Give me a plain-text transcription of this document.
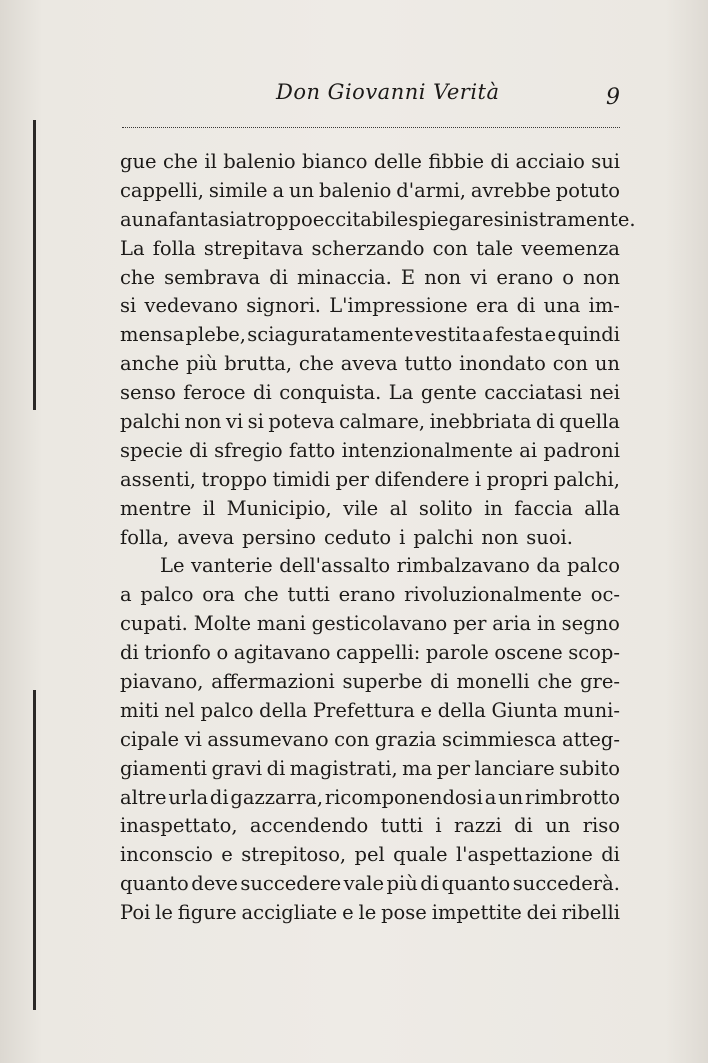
Don Giovanni Verità	9
gue che il balenio bianco delle fibbie di acciaio sui
cappelli, simile a un balenio d'armi, avrebbe potuto
a una fantasia troppo eccitabile spiegare sinistramente.
La folla strepitava scherzando con tale veemenza
che sembrava di minaccia. E non vi erano o non
si vedevano signori. L'impressione era di una im-
mensa plebe, sciaguratamente vestita a festa e quindi
anche più brutta, che aveva tutto inondato con un
senso feroce di conquista. La gente cacciatasi nei
palchi non vi si poteva calmare, inebbriata di quella
specie di sfregio fatto intenzionalmente ai padroni
assenti, troppo timidi per difendere i propri palchi,
mentre il Municipio, vile al solito in faccia alla
folla, aveva persino ceduto i palchi non suoi.
Le vanterie dell'assalto rimbalzavano da palco
a palco ora che tutti erano rivoluzionalmente oc-
cupati. Molte mani gesticolavano per aria in segno
di trionfo o agitavano cappelli: parole oscene scop-
piavano, affermazioni superbe di monelli che gre-
miti nel palco della Prefettura e della Giunta muni-
cipale vi assumevano con grazia scimmiesca atteg-
giamenti gravi di magistrati, ma per lanciare subito
altre urla di gazzarra, ricomponendosi a un rimbrotto
inaspettato, accendendo tutti i razzi di un riso
inconscio e strepitoso, pel quale l'aspettazione di
quanto deve succedere vale più di quanto succederà.
Poi le figure accigliate e le pose impettite dei ribelli
